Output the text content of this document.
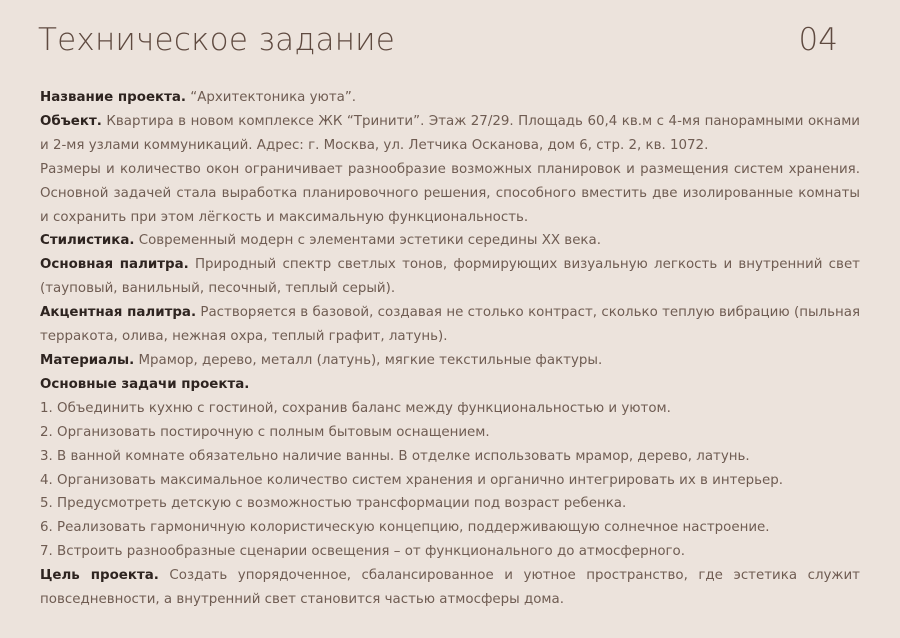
Техническое задание	04

Название проекта. “Архитектоника уюта”.

Объект. Квартира в новом комплексе ЖК “Тринити”. Этаж 27/29. Площадь 60,4 кв.м с 4-мя панорамными окнами и 2-мя узлами коммуникаций. Адрес: г. Москва, ул. Летчика Осканова, дом 6, стр. 2, кв. 1072.

Размеры и количество окон ограничивает разнообразие возможных планировок и размещения систем хранения. Основной задачей стала выработка планировочного решения, способного вместить две изолированные комнаты и сохранить при этом лёгкость и максимальную функциональность.

Стилистика. Современный модерн с элементами эстетики середины XX века.

Основная палитра. Природный спектр светлых тонов, формирующих визуальную легкость и внутренний свет (тауповый, ванильный, песочный, теплый серый).

Акцентная палитра. Растворяется в базовой, создавая не столько контраст, сколько теплую вибрацию (пыльная терракота, олива, нежная охра, теплый графит, латунь).

Материалы. Мрамор, дерево, металл (латунь), мягкие текстильные фактуры.

Основные задачи проекта.

1. Объединить кухню с гостиной, сохранив баланс между функциональностью и уютом.

2. Организовать постирочную с полным бытовым оснащением.

3. В ванной комнате обязательно наличие ванны. В отделке использовать мрамор, дерево, латунь.

4. Организовать максимальное количество систем хранения и органично интегрировать их в интерьер.

5. Предусмотреть детскую с возможностью трансформации под возраст ребенка.

6. Реализовать гармоничную колористическую концепцию, поддерживающую солнечное настроение.

7. Встроить разнообразные сценарии освещения – от функционального до атмосферного.

Цель проекта. Создать упорядоченное, сбалансированное и уютное пространство, где эстетика служит повседневности, а внутренний свет становится частью атмосферы дома.
